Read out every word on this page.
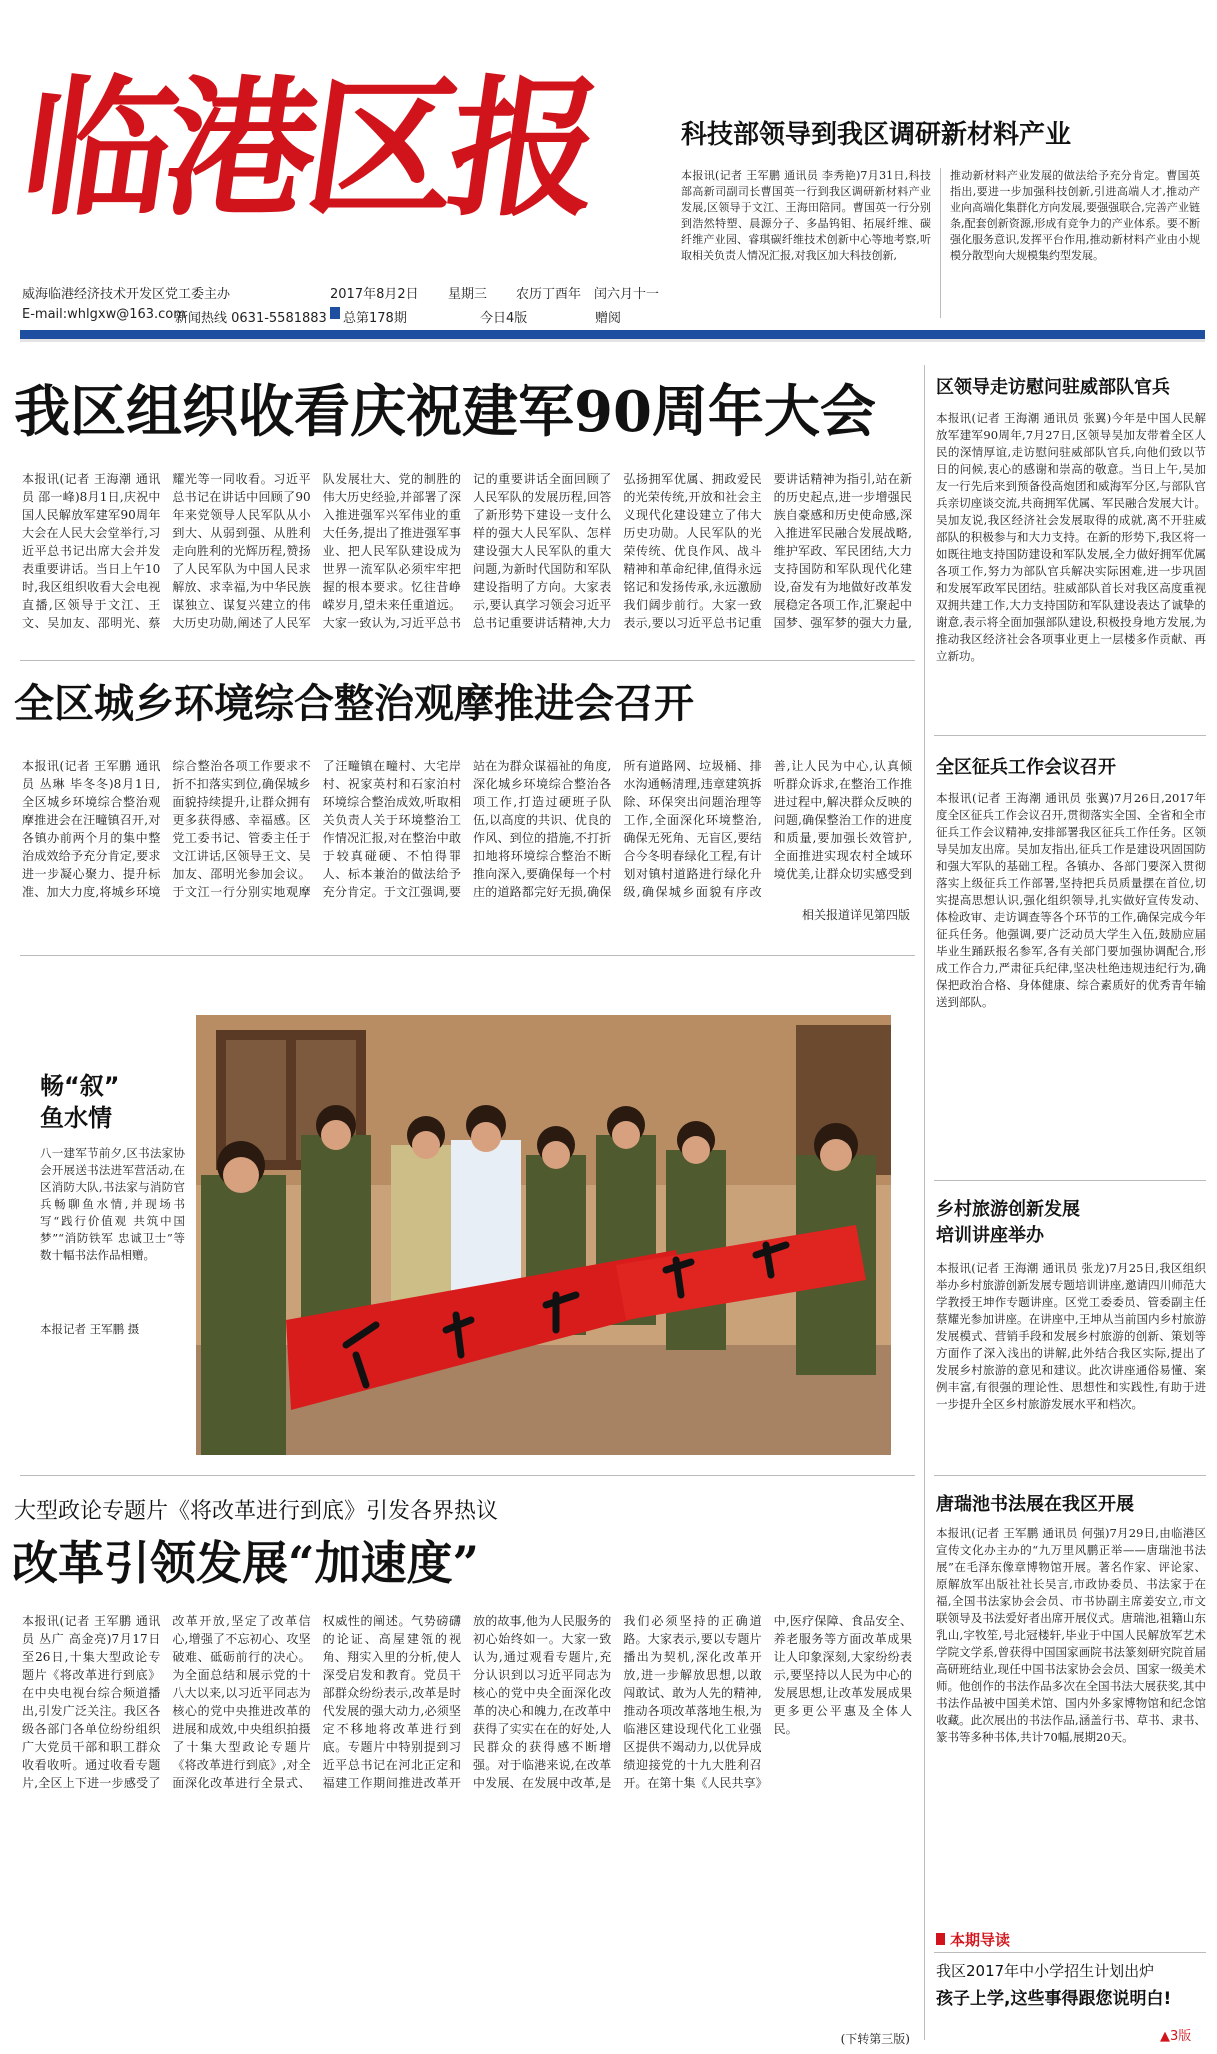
临港区报	科技部领导到我区调研新材料产业
本报讯(记者 王军鹏 通讯员 李秀艳)7月31日,科技部高新司副司长曹国英一行到我区调研新材料产业发展,区领导于文江、王海田陪同。曹国英一行分别到浩然特塑、晨源分子、多晶钨钼、拓展纤维、碳纤维产业园、睿琪碳纤维技术创新中心等地考察,听取相关负责人情况汇报,对我区加大科技创新,
推动新材料产业发展的做法给予充分肯定。曹国英指出,要进一步加强科技创新,引进高端人才,推动产业向高端化集群化方向发展,要强强联合,完善产业链条,配套创新资源,形成有竞争力的产业体系。要不断强化服务意识,发挥平台作用,推动新材料产业由小规模分散型向大规模集约型发展。
威海临港经济技术开发区党工委主办	2017年8月2日 星期三 农历丁酉年　闰六月十一
E-mail:whlgxw@163.com
新闻热线 0631-5581883 总第178期	今日4版	赠阅
我区组织收看庆祝建军90周年大会
本报讯(记者 王海潮 通讯员 邵一峰)8月1日,庆祝中国人民解放军建军90周年大会在人民大会堂举行,习近平总书记出席大会并发表重要讲话。当日上午10时,我区组织收看大会电视直播,区领导于文江、王文、吴加友、邵明光、蔡耀光等一同收看。习近平总书记在讲话中回顾了90年来党领导人民军队从小到大、从弱到强、从胜利走向胜利的光辉历程,赞扬了人民军队为中国人民求解放、求幸福,为中华民族谋独立、谋复兴建立的伟大历史功勋,阐述了人民军队发展壮大、党的制胜的伟大历史经验,并部署了深入推进强军兴军伟业的重大任务,提出了推进强军事业、把人民军队建设成为世界一流军队必须牢牢把握的根本要求。忆往昔峥嵘岁月,望未来任重道远。大家一致认为,习近平总书记的重要讲话全面回顾了人民军队的发展历程,回答了新形势下建设一支什么样的强大人民军队、怎样建设强大人民军队的重大问题,为新时代国防和军队建设指明了方向。大家表示,要认真学习领会习近平总书记重要讲话精神,大力弘扬拥军优属、拥政爱民的光荣传统,开放和社会主义现代化建设建立了伟大历史功勋。人民军队的光荣传统、优良作风、战斗精神和革命纪律,值得永远铭记和发扬传承,永远激励我们阔步前行。大家一致表示,要以习近平总书记重要讲话精神为指引,站在新的历史起点,进一步增强民族自豪感和历史使命感,深入推进军民融合发展战略,维护军政、军民团结,大力支持国防和军队现代化建设,奋发有为地做好改革发展稳定各项工作,汇聚起中国梦、强军梦的强大力量,
全区城乡环境综合整治观摩推进会召开
本报讯(记者 王军鹏 通讯员 丛琳 毕冬冬)8月1日,全区城乡环境综合整治观摩推进会在汪疃镇召开,对各镇办前两个月的集中整治成效给予充分肯定,要求进一步凝心聚力、提升标准、加大力度,将城乡环境综合整治各项工作要求不折不扣落实到位,确保城乡面貌持续提升,让群众拥有更多获得感、幸福感。区党工委书记、管委主任于文江讲话,区领导王文、吴加友、邵明光参加会议。于文江一行分别实地观摩了汪疃镇在疃村、大宅岸村、祝家英村和石家泊村环境综合整治成效,听取相关负责人关于环境整治工作情况汇报,对在整治中敢于较真碰硬、不怕得罪人、标本兼治的做法给予充分肯定。于文江强调,要站在为群众谋福祉的角度,深化城乡环境综合整治各项工作,打造过硬班子队伍,以高度的共识、优良的作风、到位的措施,不打折扣地将环境综合整治不断推向深入,要确保每一个村庄的道路都完好无损,确保所有道路网、垃圾桶、排水沟通畅清理,违章建筑拆除、环保突出问题治理等工作,全面深化环境整治,确保无死角、无盲区,要结合今冬明春绿化工程,有计划对镇村道路进行绿化升级,确保城乡面貌有序改善,让人民为中心,认真倾听群众诉求,在整治工作推进过程中,解决群众反映的问题,确保整治工作的进度和质量,要加强长效管护,全面推进实现农村全域环境优美,让群众切实感受到
相关报道详见第四版
畅“叙”
鱼水情
八一建军节前夕,区书法家协会开展送书法进军营活动,在区消防大队,书法家与消防官兵畅聊鱼水情,并现场书写“践行价值观 共筑中国梦”“消防铁军 忠诚卫士”等数十幅书法作品相赠。
本报记者 王军鹏 摄
大型政论专题片《将改革进行到底》引发各界热议
改革引领发展“加速度”
本报讯(记者 王军鹏 通讯员 丛广 高金亮)7月17日至26日,十集大型政论专题片《将改革进行到底》在中央电视台综合频道播出,引发广泛关注。我区各级各部门各单位纷纷组织广大党员干部和职工群众收看收听。通过收看专题片,全区上下进一步感受了改革开放,坚定了改革信心,增强了不忘初心、攻坚破难、砥砺前行的决心。为全面总结和展示党的十八大以来,以习近平同志为核心的党中央推进改革的进展和成效,中央组织拍摄了十集大型政论专题片《将改革进行到底》,对全面深化改革进行全景式、权威性的阐述。气势磅礴的论证、高屋建瓴的视角、翔实入里的分析,使人深受启发和教育。党员干部群众纷纷表示,改革是时代发展的强大动力,必须坚定不移地将改革进行到底。专题片中特别提到习近平总书记在河北正定和福建工作期间推进改革开放的故事,他为人民服务的初心始终如一。大家一致认为,通过观看专题片,充分认识到以习近平同志为核心的党中央全面深化改革的决心和魄力,在改革中获得了实实在在的好处,人民群众的获得感不断增强。对于临港来说,在改革中发展、在发展中改革,是我们必须坚持的正确道路。大家表示,要以专题片播出为契机,深化改革开放,进一步解放思想,以敢闯敢试、敢为人先的精神,推动各项改革落地生根,为临港区建设现代化工业强区提供不竭动力,以优异成绩迎接党的十九大胜利召开。在第十集《人民共享》中,医疗保障、食品安全、养老服务等方面改革成果让人印象深刻,大家纷纷表示,要坚持以人民为中心的发展思想,让改革发展成果更多更公平惠及全体人民。
(下转第三版)
区领导走访慰问驻威部队官兵
本报讯(记者 王海潮 通讯员 张翼)今年是中国人民解放军建军90周年,7月27日,区领导吴加友带着全区人民的深情厚谊,走访慰问驻威部队官兵,向他们致以节日的问候,衷心的感谢和崇高的敬意。当日上午,吴加友一行先后来到预备役高炮团和威海军分区,与部队官兵亲切座谈交流,共商拥军优属、军民融合发展大计。吴加友说,我区经济社会发展取得的成就,离不开驻威部队的积极参与和大力支持。在新的形势下,我区将一如既往地支持国防建设和军队发展,全力做好拥军优属各项工作,努力为部队官兵解决实际困难,进一步巩固和发展军政军民团结。驻威部队首长对我区高度重视双拥共建工作,大力支持国防和军队建设表达了诚挚的谢意,表示将全面加强部队建设,积极投身地方发展,为推动我区经济社会各项事业更上一层楼多作贡献、再立新功。
全区征兵工作会议召开
本报讯(记者 王海潮 通讯员 张翼)7月26日,2017年度全区征兵工作会议召开,贯彻落实全国、全省和全市征兵工作会议精神,安排部署我区征兵工作任务。区领导吴加友出席。吴加友指出,征兵工作是建设巩固国防和强大军队的基础工程。各镇办、各部门要深入贯彻落实上级征兵工作部署,坚持把兵员质量摆在首位,切实提高思想认识,强化组织领导,扎实做好宣传发动、体检政审、走访调查等各个环节的工作,确保完成今年征兵任务。他强调,要广泛动员大学生入伍,鼓励应届毕业生踊跃报名参军,各有关部门要加强协调配合,形成工作合力,严肃征兵纪律,坚决杜绝违规违纪行为,确保把政治合格、身体健康、综合素质好的优秀青年输送到部队。
乡村旅游创新发展
培训讲座举办
本报讯(记者 王海潮 通讯员 张龙)7月25日,我区组织举办乡村旅游创新发展专题培训讲座,邀请四川师范大学教授王坤作专题讲座。区党工委委员、管委副主任蔡耀光参加讲座。在讲座中,王坤从当前国内乡村旅游发展模式、营销手段和发展乡村旅游的创新、策划等方面作了深入浅出的讲解,此外结合我区实际,提出了发展乡村旅游的意见和建议。此次讲座通俗易懂、案例丰富,有很强的理论性、思想性和实践性,有助于进一步提升全区乡村旅游发展水平和档次。
唐瑞池书法展在我区开展
本报讯(记者 王军鹏 通讯员 何强)7月29日,由临港区宣传文化办主办的“九万里风鹏正举——唐瑞池书法展”在毛泽东像章博物馆开展。著名作家、评论家、原解放军出版社社长吴言,市政协委员、书法家于在福,全国书法家协会会员、市书协副主席姜安立,市文联领导及书法爱好者出席开展仪式。唐瑞池,祖籍山东乳山,字牧笙,号北冠楼轩,毕业于中国人民解放军艺术学院文学系,曾获得中国国家画院书法篆刻研究院首届高研班结业,现任中国书法家协会会员、国家一级美术师。他创作的书法作品多次在全国书法大展获奖,其中书法作品被中国美术馆、国内外多家博物馆和纪念馆收藏。此次展出的书法作品,涵盖行书、草书、隶书、篆书等多种书体,共计70幅,展期20天。
本期导读
我区2017年中小学招生计划出炉
孩子上学,这些事得跟您说明白!
▲3版
